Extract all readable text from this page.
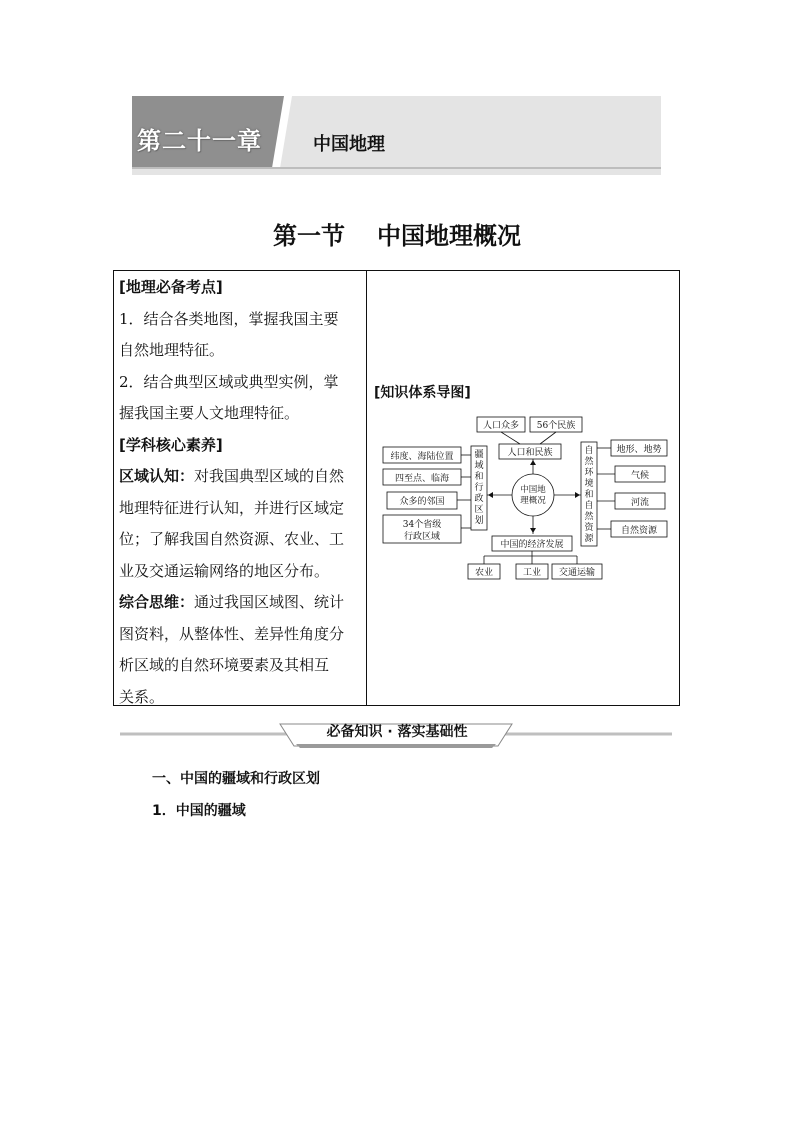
第二十一章	中国地理
第一节 中国地理概况

[地理必备考点]

1．结合各类地图，掌握我国主要

自然地理特征。

2．结合典型区域或典型实例，掌

握我国主要人文地理特征。

[学科核心素养]

区域认知：对我国典型区域的自然

地理特征进行认知，并进行区域定

位；了解我国自然资源、农业、工

业及交通运输网络的地区分布。

综合思维：通过我国区域图、统计

图资料，从整体性、差异性角度分

析区域的自然环境要素及其相互

关系。

[知识体系导图]
人口众多 56个民族
人口和民族
中国地
理概况
纬度、海陆位置
四至点、临海
众多的邻国
34个省级
行政区域
疆
域
和
行
政
区
划
自
然
环
境
和
自
然
资
源
地形、地势
气候
河流
自然资源
中国的经济发展
农业	工业 交通运输
必备知识 · 落实基础性
一、中国的疆域和行政区划
1．中国的疆域
